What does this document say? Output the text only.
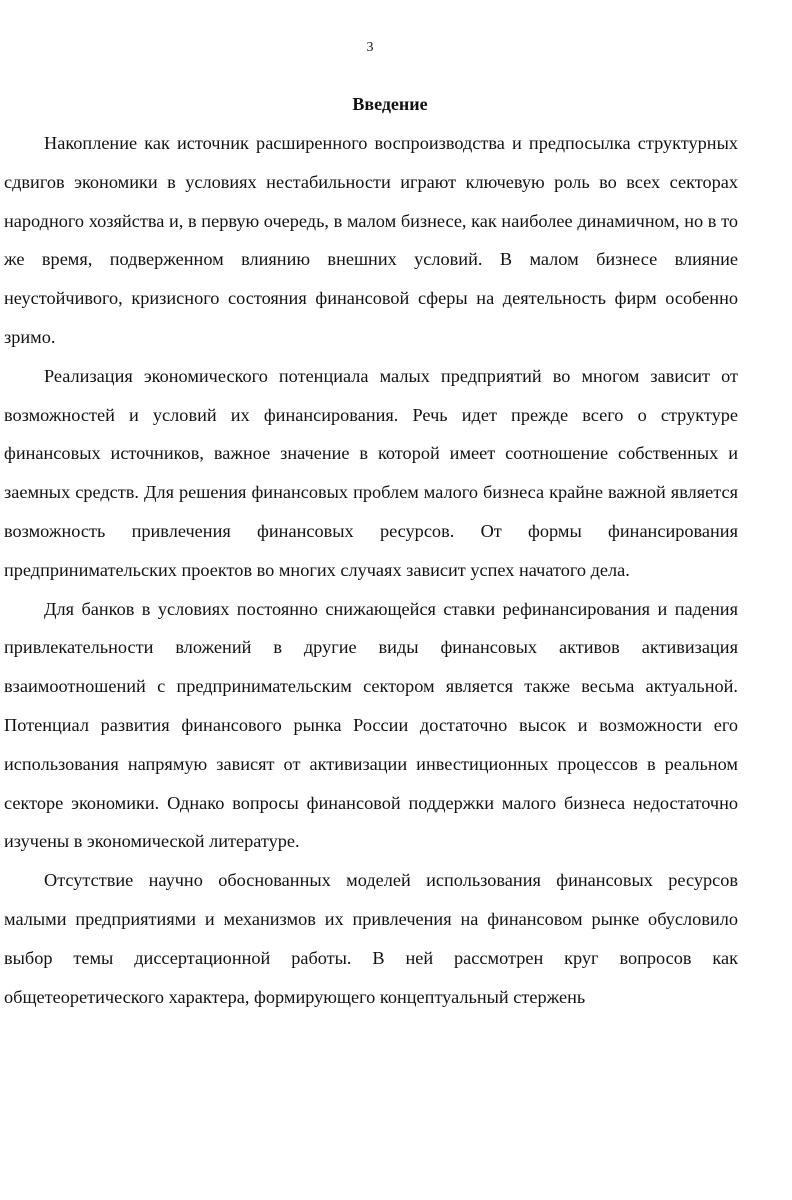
3
Введение

Накопление как источник расширенного воспроизводства и предпосылка структурных сдвигов экономики в условиях нестабильности играют ключевую роль во всех секторах народного хозяйства и, в первую очередь, в малом бизнесе, как наиболее динамичном, но в то же время, подверженном влиянию внешних условий. В малом бизнесе влияние неустойчивого, кризисного состояния финансовой сферы на деятельность фирм особенно зримо.

Реализация экономического потенциала малых предприятий во многом зависит от возможностей и условий их финансирования. Речь идет прежде всего о структуре финансовых источников, важное значение в которой имеет соотношение собственных и заемных средств. Для решения финансовых проблем малого бизнеса крайне важной является возможность привлечения финансовых ресурсов. От формы финансирования предпринимательских проектов во многих случаях зависит успех начатого дела.

Для банков в условиях постоянно снижающейся ставки рефинансирования и падения привлекательности вложений в другие виды финансовых активов активизация взаимоотношений с предпринимательским сектором является также весьма актуальной. Потенциал развития финансового рынка России достаточно высок и возможности его использования напрямую зависят от активизации инвестиционных процессов в реальном секторе экономики. Однако вопросы финансовой поддержки малого бизнеса недостаточно изучены в экономической литературе.

Отсутствие научно обоснованных моделей использования финансовых ресурсов малыми предприятиями и механизмов их привлечения на финансовом рынке обусловило выбор темы диссертационной работы. В ней рассмотрен круг вопросов как общетеоретического характера, формирующего концептуальный стержень
